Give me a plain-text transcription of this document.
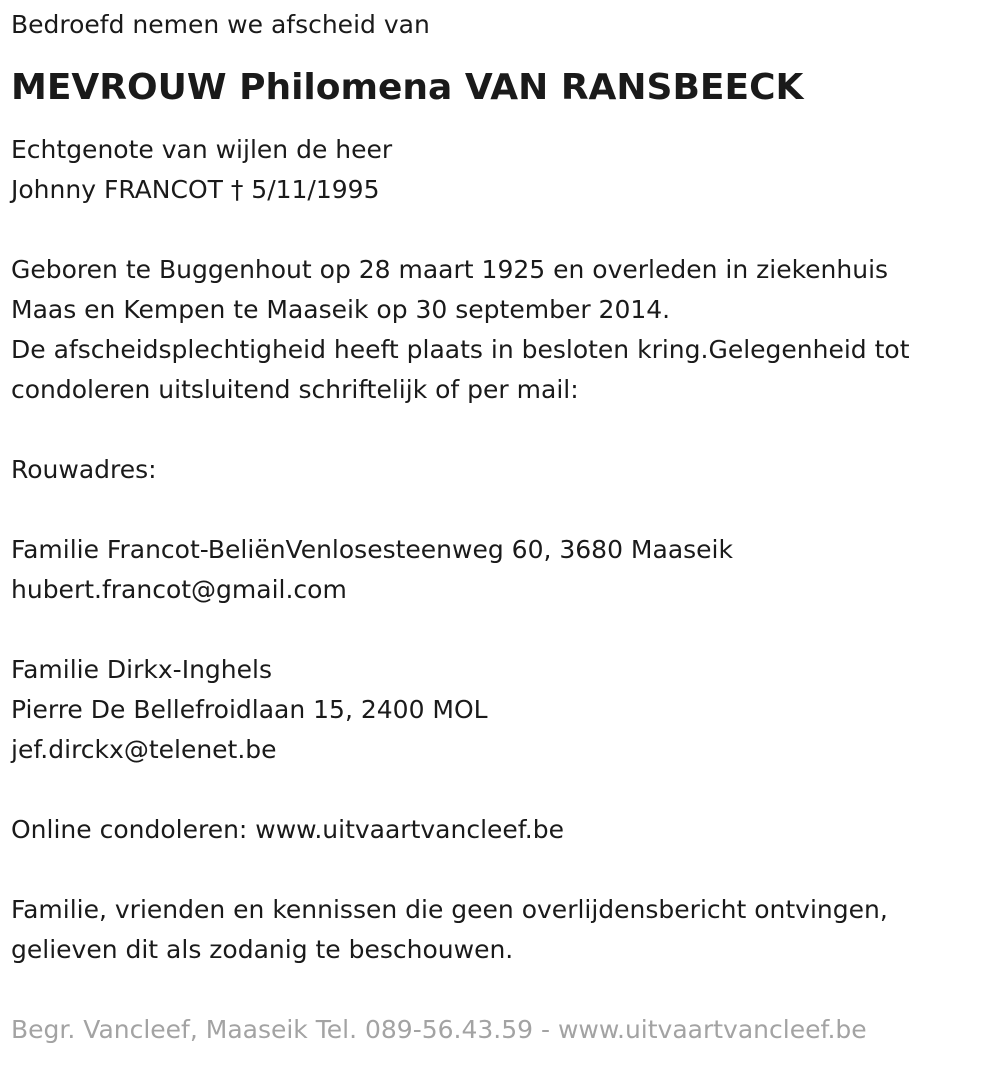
Bedroefd nemen we afscheid van
MEVROUW Philomena VAN RANSBEECK
Echtgenote van wijlen de heer
Johnny FRANCOT † 5/11/1995
Geboren te Buggenhout op 28 maart 1925 en overleden in ziekenhuis
Maas en Kempen te Maaseik op 30 september 2014.
De afscheidsplechtigheid heeft plaats in besloten kring.Gelegenheid tot
condoleren uitsluitend schriftelijk of per mail:
Rouwadres:
Familie Francot-BeliënVenlosesteenweg 60, 3680 Maaseik
hubert.francot@gmail.com
Familie Dirkx-Inghels
Pierre De Bellefroidlaan 15, 2400 MOL
jef.dirckx@telenet.be
Online condoleren: www.uitvaartvancleef.be
Familie, vrienden en kennissen die geen overlijdensbericht ontvingen,
gelieven dit als zodanig te beschouwen.
Begr. Vancleef, Maaseik Tel. 089-56.43.59 - www.uitvaartvancleef.be
